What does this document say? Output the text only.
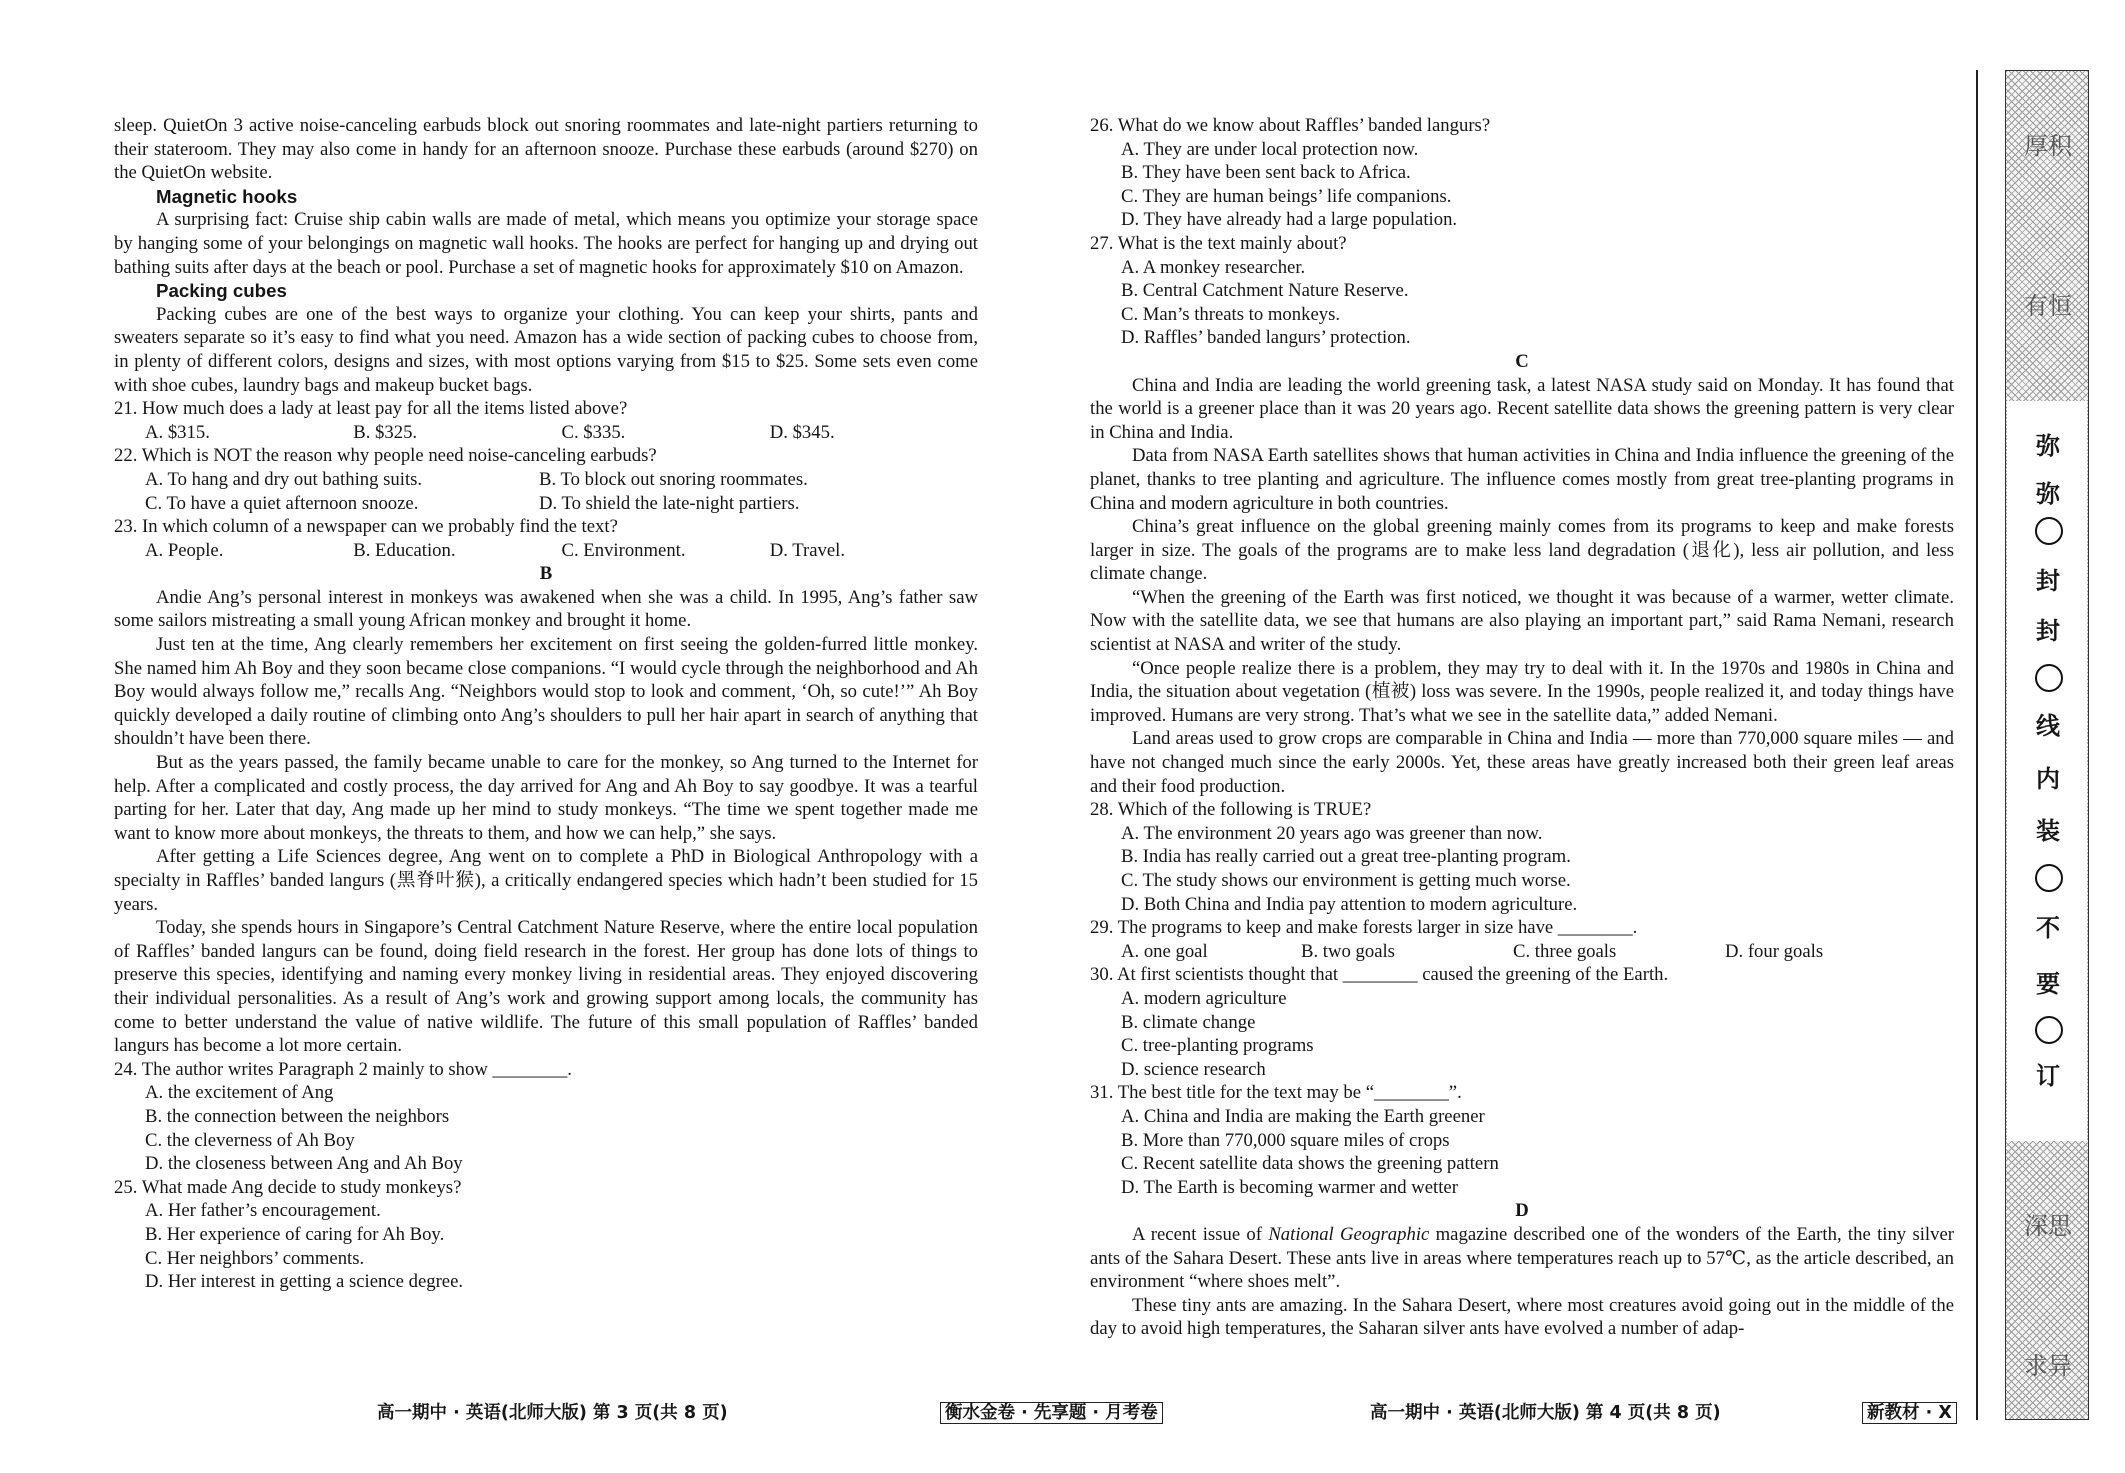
sleep. QuietOn 3 active noise-canceling earbuds block out snoring roommates and late-night partiers returning to their stateroom. They may also come in handy for an afternoon snooze. Purchase these earbuds (around $270) on the QuietOn website.

Magnetic hooks

A surprising fact: Cruise ship cabin walls are made of metal, which means you optimize your storage space by hanging some of your belongings on magnetic wall hooks. The hooks are perfect for hanging up and drying out bathing suits after days at the beach or pool. Purchase a set of magnetic hooks for approximately $10 on Amazon.

Packing cubes

Packing cubes are one of the best ways to organize your clothing. You can keep your shirts, pants and sweaters separate so it’s easy to find what you need. Amazon has a wide section of packing cubes to choose from, in plenty of different colors, designs and sizes, with most options varying from $15 to $25. Some sets even come with shoe cubes, laundry bags and makeup bucket bags.

21. How much does a lady at least pay for all the items listed above?
A. $315.	B. $325.	C. $335.	D. $345.
22. Which is NOT the reason why people need noise-canceling earbuds?
A. To hang and dry out bathing suits.	B. To block out snoring roommates.
C. To have a quiet afternoon snooze.	D. To shield the late-night partiers.
23. In which column of a newspaper can we probably find the text?
A. People.	B. Education.	C. Environment.	D. Travel.
B

Andie Ang’s personal interest in monkeys was awakened when she was a child. In 1995, Ang’s father saw some sailors mistreating a small young African monkey and brought it home.

Just ten at the time, Ang clearly remembers her excitement on first seeing the golden-furred little monkey. She named him Ah Boy and they soon became close companions. “I would cycle through the neighborhood and Ah Boy would always follow me,” recalls Ang. “Neighbors would stop to look and comment, ‘Oh, so cute!’” Ah Boy quickly developed a daily routine of climbing onto Ang’s shoulders to pull her hair apart in search of anything that shouldn’t have been there.

But as the years passed, the family became unable to care for the monkey, so Ang turned to the Internet for help. After a complicated and costly process, the day arrived for Ang and Ah Boy to say goodbye. It was a tearful parting for her. Later that day, Ang made up her mind to study monkeys. “The time we spent together made me want to know more about monkeys, the threats to them, and how we can help,” she says.

After getting a Life Sciences degree, Ang went on to complete a PhD in Biological Anthropology with a specialty in Raffles’ banded langurs (黑脊叶猴), a critically endangered species which hadn’t been studied for 15 years.

Today, she spends hours in Singapore’s Central Catchment Nature Reserve, where the entire local population of Raffles’ banded langurs can be found, doing field research in the forest. Her group has done lots of things to preserve this species, identifying and naming every monkey living in residential areas. They enjoyed discovering their individual personalities. As a result of Ang’s work and growing support among locals, the community has come to better understand the value of native wildlife. The future of this small population of Raffles’ banded langurs has become a lot more certain.

24. The author writes Paragraph 2 mainly to show ________.
A. the excitement of Ang
B. the connection between the neighbors
C. the cleverness of Ah Boy
D. the closeness between Ang and Ah Boy
25. What made Ang decide to study monkeys?
A. Her father’s encouragement.
B. Her experience of caring for Ah Boy.
C. Her neighbors’ comments.
D. Her interest in getting a science degree.
26. What do we know about Raffles’ banded langurs?
A. They are under local protection now.
B. They have been sent back to Africa.
C. They are human beings’ life companions.
D. They have already had a large population.
27. What is the text mainly about?
A. A monkey researcher.
B. Central Catchment Nature Reserve.
C. Man’s threats to monkeys.
D. Raffles’ banded langurs’ protection.
C

China and India are leading the world greening task, a latest NASA study said on Monday. It has found that the world is a greener place than it was 20 years ago. Recent satellite data shows the greening pattern is very clear in China and India.

Data from NASA Earth satellites shows that human activities in China and India influence the greening of the planet, thanks to tree planting and agriculture. The influence comes mostly from great tree-planting programs in China and modern agriculture in both countries.

China’s great influence on the global greening mainly comes from its programs to keep and make forests larger in size. The goals of the programs are to make less land degradation (退化), less air pollution, and less climate change.

“When the greening of the Earth was first noticed, we thought it was because of a warmer, wetter climate. Now with the satellite data, we see that humans are also playing an important part,” said Rama Nemani, research scientist at NASA and writer of the study.

“Once people realize there is a problem, they may try to deal with it. In the 1970s and 1980s in China and India, the situation about vegetation (植被) loss was severe. In the 1990s, people realized it, and today things have improved. Humans are very strong. That’s what we see in the satellite data,” added Nemani.

Land areas used to grow crops are comparable in China and India — more than 770,000 square miles — and have not changed much since the early 2000s. Yet, these areas have greatly increased both their green leaf areas and their food production.

28. Which of the following is TRUE?
A. The environment 20 years ago was greener than now.
B. India has really carried out a great tree-planting program.
C. The study shows our environment is getting much worse.
D. Both China and India pay attention to modern agriculture.
29. The programs to keep and make forests larger in size have ________.
A. one goal	B. two goals	C. three goals	D. four goals
30. At first scientists thought that ________ caused the greening of the Earth.
A. modern agriculture
B. climate change
C. tree-planting programs
D. science research
31. The best title for the text may be “________”.
A. China and India are making the Earth greener
B. More than 770,000 square miles of crops
C. Recent satellite data shows the greening pattern
D. The Earth is becoming warmer and wetter
D

A recent issue of National Geographic magazine described one of the wonders of the Earth, the tiny silver ants of the Sahara Desert. These ants live in areas where temperatures reach up to 57℃, as the article described, an environment “where shoes melt”.

These tiny ants are amazing. In the Sahara Desert, where most creatures avoid going out in the middle of the day to avoid high temperatures, the Saharan silver ants have evolved a number of adap-

高一期中 · 英语(北师大版) 第 3 页(共 8 页)	衡水金卷 · 先享题 · 月考卷	高一期中 · 英语(北师大版) 第 4 页(共 8 页)	新教材 · X
厚积
有恒
弥
弥
封
封
线
内
装
不
要
订
深思
求异
